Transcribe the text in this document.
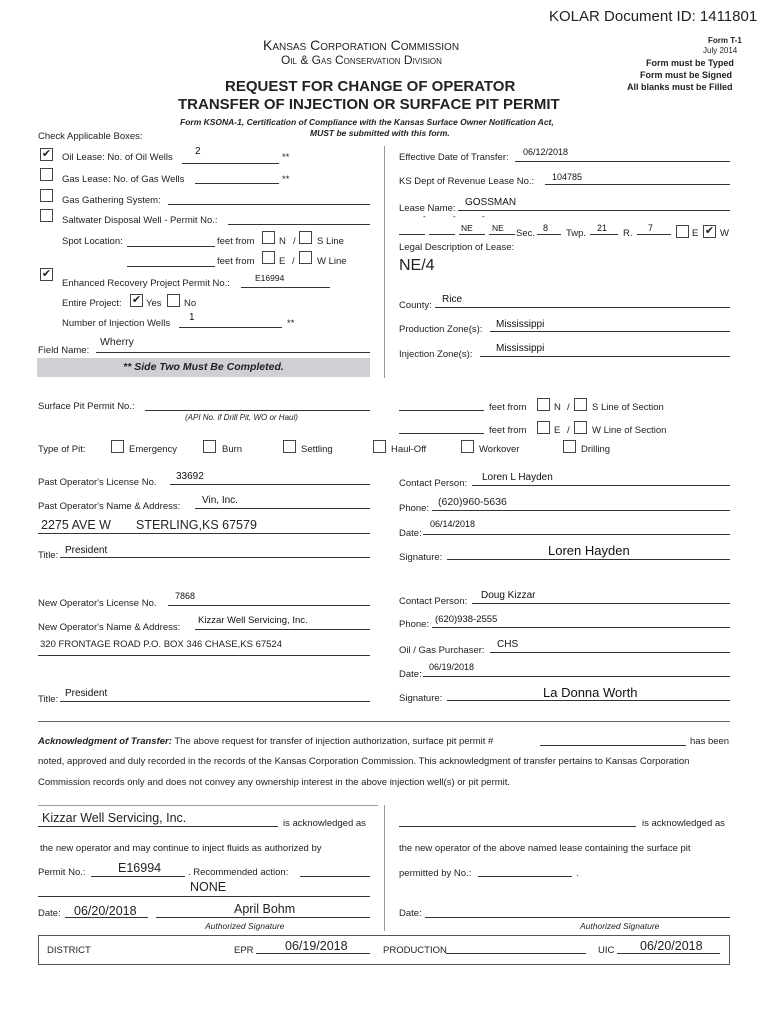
KOLAR Document ID: 1411801
Kansas Corporation Commission
Oil & Gas Conservation Division
Form T-1
July 2014
Form must be Typed
Form must be Signed
All blanks must be Filled
REQUEST FOR CHANGE OF OPERATOR
TRANSFER OF INJECTION OR SURFACE PIT PERMIT
Form KSONA-1, Certification of Compliance with the Kansas Surface Owner Notification Act,
MUST be submitted with this form.
Check Applicable Boxes:
✔ Oil Lease: No. of Oil Wells
2
**
Gas Lease: No. of Gas Wells	**
Gas Gathering System:
Saltwater Disposal Well - Permit No.:
Spot Location:	feet from	N / S Line
feet from	E / W Line
✔
Enhanced Recovery Project Permit No.:	E16994
Entire Project: ✔ Yes No
Number of Injection Wells
1
**
Field Name:
Wherry
** Side Two Must Be Completed.
Effective Date of Transfer: 06/12/2018
KS Dept of Revenue Lease No.: 104785
Lease Name:
GOSSMAN
-	-	-
NE NE Sec. 8 Twp. 21 R. 7	E ✔ W
Legal Description of Lease:
NE/4
County:
Rice
Production Zone(s): Mississippi
Injection Zone(s):
Mississippi
Surface Pit Permit No.:
(API No. if Drill Pit, WO or Haul)
feet from	N / S Line of Section
feet from	E / W Line of Section
Type of Pit:	Emergency	Burn	Settling	Haul-Off	Workover	Drilling
Past Operator's License No.
33692
Past Operator's Name & Address:
Vin, Inc.
2275 AVE W STERLING,KS 67579
Title: President
Contact Person:
Loren L Hayden
Phone:
(620)960-5636
Date:
06/14/2018
Signature:	Loren Hayden
New Operator's License No.
7868
New Operator's Name & Address:
Kizzar Well Servicing, Inc.
320 FRONTAGE ROAD P.O. BOX 346 CHASE,KS 67524
Title:
President
Contact Person:
Doug Kizzar
Phone: (620)938-2555
Oil / Gas Purchaser:
CHS
Date:
06/19/2018
Signature:	La Donna Worth
Acknowledgment of Transfer: The above request for transfer of injection authorization, surface pit permit #	has been
noted, approved and duly recorded in the records of the Kansas Corporation Commission. This acknowledgment of transfer pertains to Kansas Corporation
Commission records only and does not convey any ownership interest in the above injection well(s) or pit permit.
Kizzar Well Servicing, Inc.	is acknowledged as
the new operator and may continue to inject fluids as authorized by
Permit No.:	E16994	. Recommended action:
NONE
Date: 06/20/2018	April Bohm
Authorized Signature
is acknowledged as
the new operator of the above named lease containing the surface pit
permitted by No.:	.
Date:
Authorized Signature
DISTRICT	EPR	06/19/2018	PRODUCTION	UIC 06/20/2018
